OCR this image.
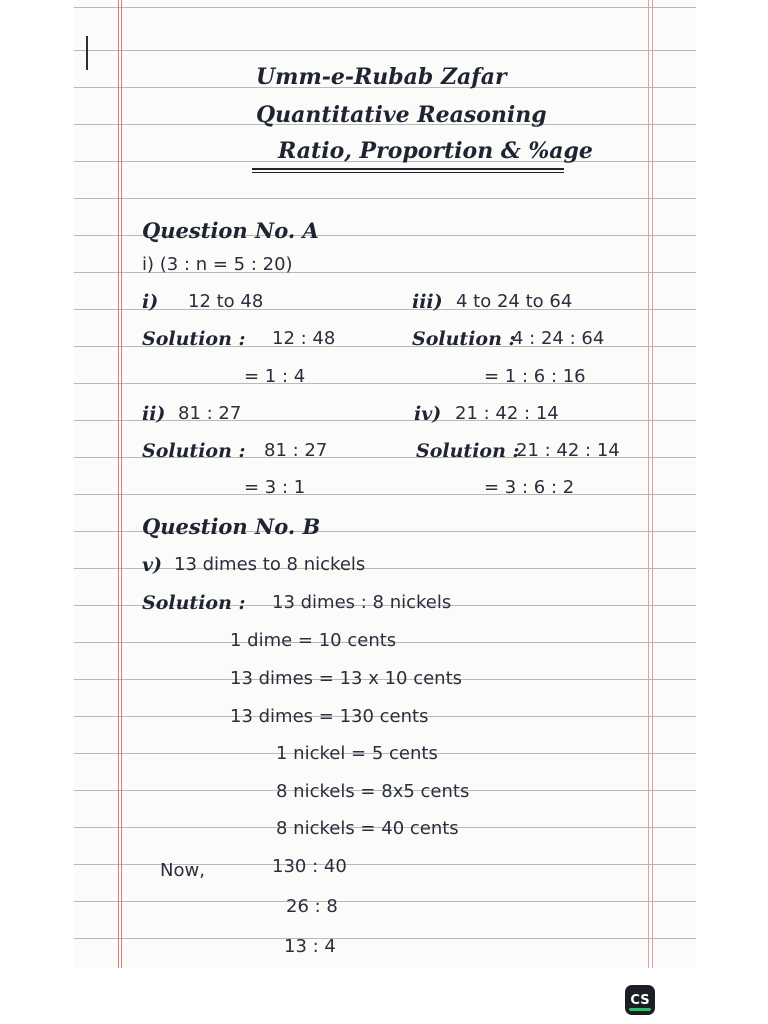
Umm-e-Rubab Zafar
Quantitative Reasoning
Ratio, Proportion & %age
Question No. A
i) (3 : n = 5 : 20)
i) 12 to 48
Solution : 12 : 48
= 1 : 4
iii) 4 to 24 to 64
Solution :
4 : 24 : 64
= 1 : 6 : 16
ii) 81 : 27
Solution : 81 : 27
= 3 : 1
iv) 21 : 42 : 14
Solution :
21 : 42 : 14
= 3 : 6 : 2
Question No. B
v) 13 dimes to 8 nickels
Solution : 13 dimes : 8 nickels
1 dime = 10 cents
13 dimes = 13 x 10 cents
13 dimes = 130 cents
1 nickel = 5 cents
8 nickels = 8x5 cents
8 nickels = 40 cents
Now,	130 : 40
26 : 8
13 : 4
CS
